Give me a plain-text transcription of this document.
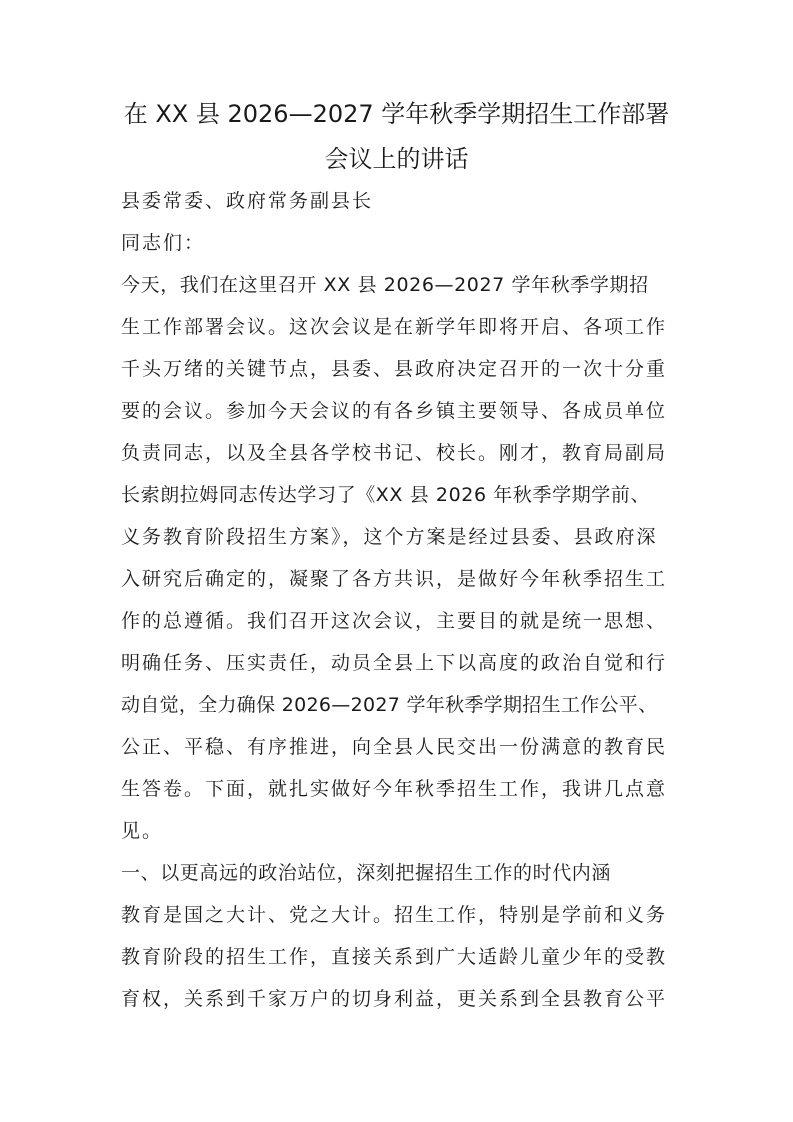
在 XX 县 2026—2027 学年秋季学期招生工作部署
会议上的讲话
县委常委、政府常务副县长
同志们：
今天，我们在这里召开 XX 县 2026—2027 学年秋季学期招
生工作部署会议。这次会议是在新学年即将开启、各项工作
千头万绪的关键节点，县委、县政府决定召开的一次十分重
要的会议。参加今天会议的有各乡镇主要领导、各成员单位
负责同志，以及全县各学校书记、校长。刚才，教育局副局
长索朗拉姆同志传达学习了《XX 县 2026 年秋季学期学前、
义务教育阶段招生方案》，这个方案是经过县委、县政府深
入研究后确定的，凝聚了各方共识，是做好今年秋季招生工
作的总遵循。我们召开这次会议，主要目的就是统一思想、
明确任务、压实责任，动员全县上下以高度的政治自觉和行
动自觉，全力确保 2026—2027 学年秋季学期招生工作公平、
公正、平稳、有序推进，向全县人民交出一份满意的教育民
生答卷。下面，就扎实做好今年秋季招生工作，我讲几点意
见。
一、以更高远的政治站位，深刻把握招生工作的时代内涵
教育是国之大计、党之大计。招生工作，特别是学前和义务
教育阶段的招生工作，直接关系到广大适龄儿童少年的受教
育权，关系到千家万户的切身利益，更关系到全县教育公平
